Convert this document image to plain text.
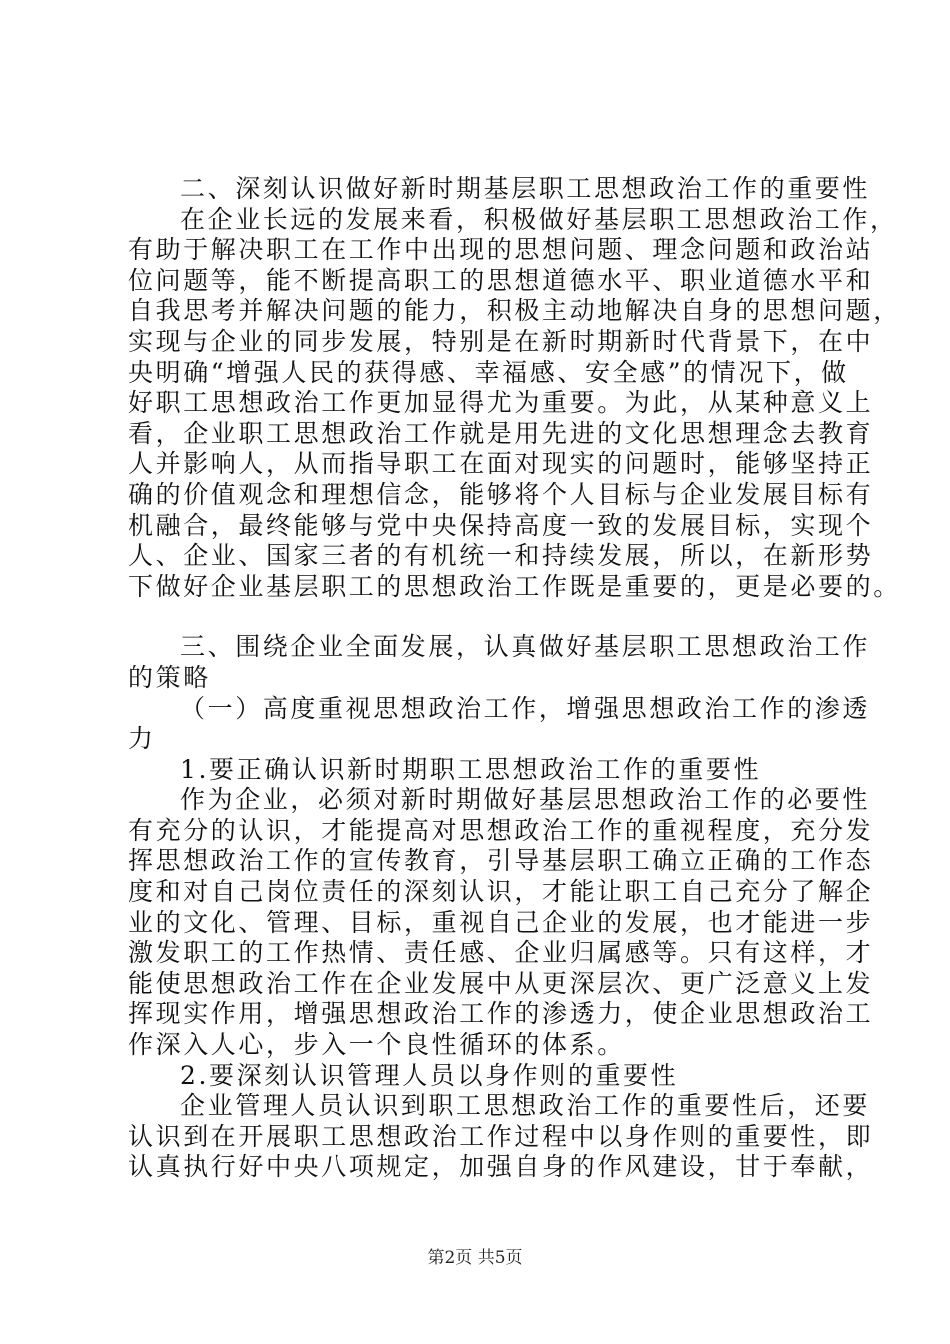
二、深刻认识做好新时期基层职工思想政治工作的重要性
在企业长远的发展来看，积极做好基层职工思想政治工作，
有助于解决职工在工作中出现的思想问题、理念问题和政治站
位问题等，能不断提高职工的思想道德水平、职业道德水平和
自我思考并解决问题的能力，积极主动地解决自身的思想问题，
实现与企业的同步发展，特别是在新时期新时代背景下，在中
央明确“增强人民的获得感、幸福感、安全感”的情况下，做
好职工思想政治工作更加显得尤为重要。为此，从某种意义上
看，企业职工思想政治工作就是用先进的文化思想理念去教育
人并影响人，从而指导职工在面对现实的问题时，能够坚持正
确的价值观念和理想信念，能够将个人目标与企业发展目标有
机融合，最终能够与党中央保持高度一致的发展目标，实现个
人、企业、国家三者的有机统一和持续发展，所以，在新形势
下做好企业基层职工的思想政治工作既是重要的，更是必要的。
三、围绕企业全面发展，认真做好基层职工思想政治工作
的策略
（一）高度重视思想政治工作，增强思想政治工作的渗透
力
1.要正确认识新时期职工思想政治工作的重要性
作为企业，必须对新时期做好基层思想政治工作的必要性
有充分的认识，才能提高对思想政治工作的重视程度，充分发
挥思想政治工作的宣传教育，引导基层职工确立正确的工作态
度和对自己岗位责任的深刻认识，才能让职工自己充分了解企
业的文化、管理、目标，重视自己企业的发展，也才能进一步
激发职工的工作热情、责任感、企业归属感等。只有这样，才
能使思想政治工作在企业发展中从更深层次、更广泛意义上发
挥现实作用，增强思想政治工作的渗透力，使企业思想政治工
作深入人心，步入一个良性循环的体系。
2.要深刻认识管理人员以身作则的重要性
企业管理人员认识到职工思想政治工作的重要性后，还要
认识到在开展职工思想政治工作过程中以身作则的重要性，即
认真执行好中央八项规定，加强自身的作风建设，甘于奉献，
第2页 共5页
